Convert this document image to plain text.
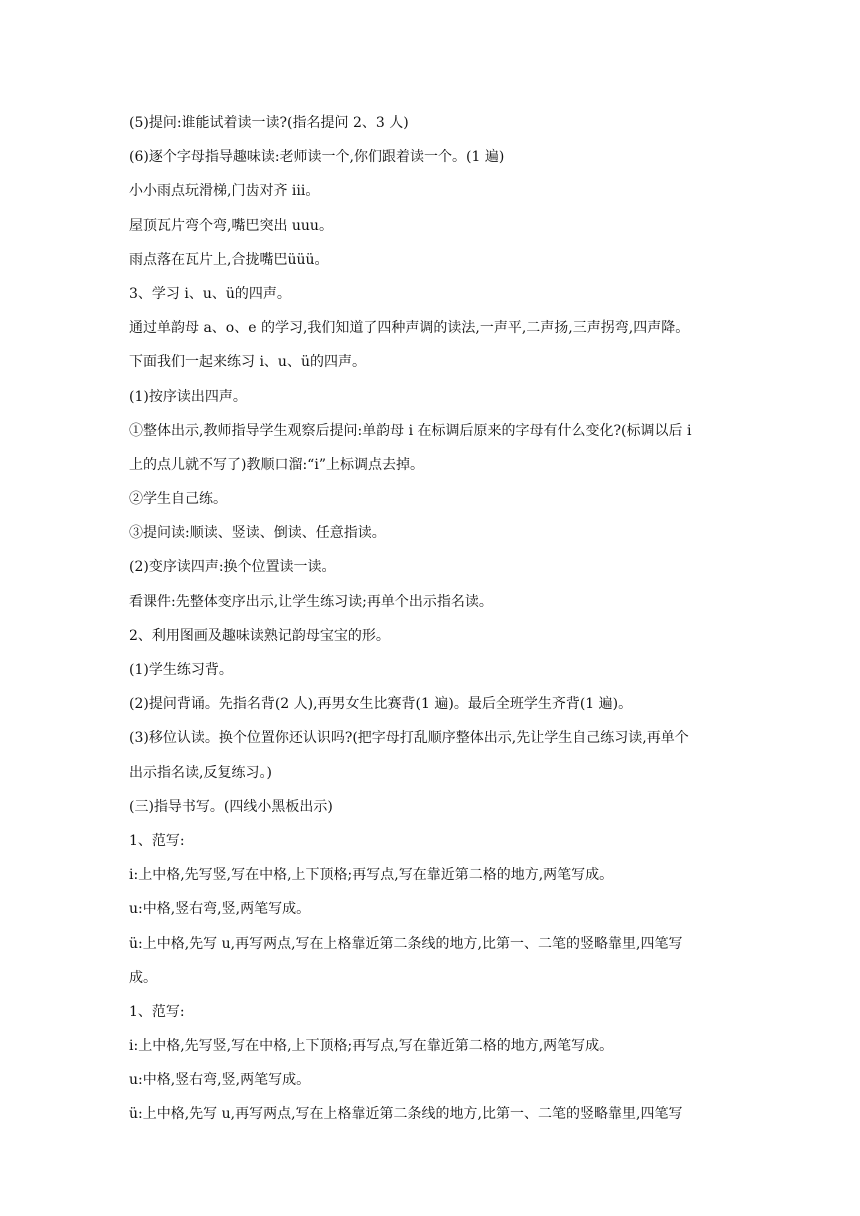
(5)提问:谁能试着读一读?(指名提问 2、3 人)
(6)逐个字母指导趣味读:老师读一个,你们跟着读一个。(1 遍)
小小雨点玩滑梯,门齿对齐 iii。
屋顶瓦片弯个弯,嘴巴突出 uuu。
雨点落在瓦片上,合拢嘴巴üüü。
3、学习 i、u、ü的四声。
通过单韵母 a、o、e 的学习,我们知道了四种声调的读法,一声平,二声扬,三声拐弯,四声降。
下面我们一起来练习 i、u、ü的四声。
(1)按序读出四声。
①整体出示,教师指导学生观察后提问:单韵母 i 在标调后原来的字母有什么变化?(标调以后 i
上的点儿就不写了)教顺口溜:“i”上标调点去掉。
②学生自己练。
③提问读:顺读、竖读、倒读、任意指读。
(2)变序读四声:换个位置读一读。
看课件:先整体变序出示,让学生练习读;再单个出示指名读。
2、利用图画及趣味读熟记韵母宝宝的形。
(1)学生练习背。
(2)提问背诵。先指名背(2 人),再男女生比赛背(1 遍)。最后全班学生齐背(1 遍)。
(3)移位认读。换个位置你还认识吗?(把字母打乱顺序整体出示,先让学生自己练习读,再单个
出示指名读,反复练习。)
(三)指导书写。(四线小黑板出示)
1、范写:
i:上中格,先写竖,写在中格,上下顶格;再写点,写在靠近第二格的地方,两笔写成。
u:中格,竖右弯,竖,两笔写成。
ü:上中格,先写 u,再写两点,写在上格靠近第二条线的地方,比第一、二笔的竖略靠里,四笔写
成。
1、范写:
i:上中格,先写竖,写在中格,上下顶格;再写点,写在靠近第二格的地方,两笔写成。
u:中格,竖右弯,竖,两笔写成。
ü:上中格,先写 u,再写两点,写在上格靠近第二条线的地方,比第一、二笔的竖略靠里,四笔写
